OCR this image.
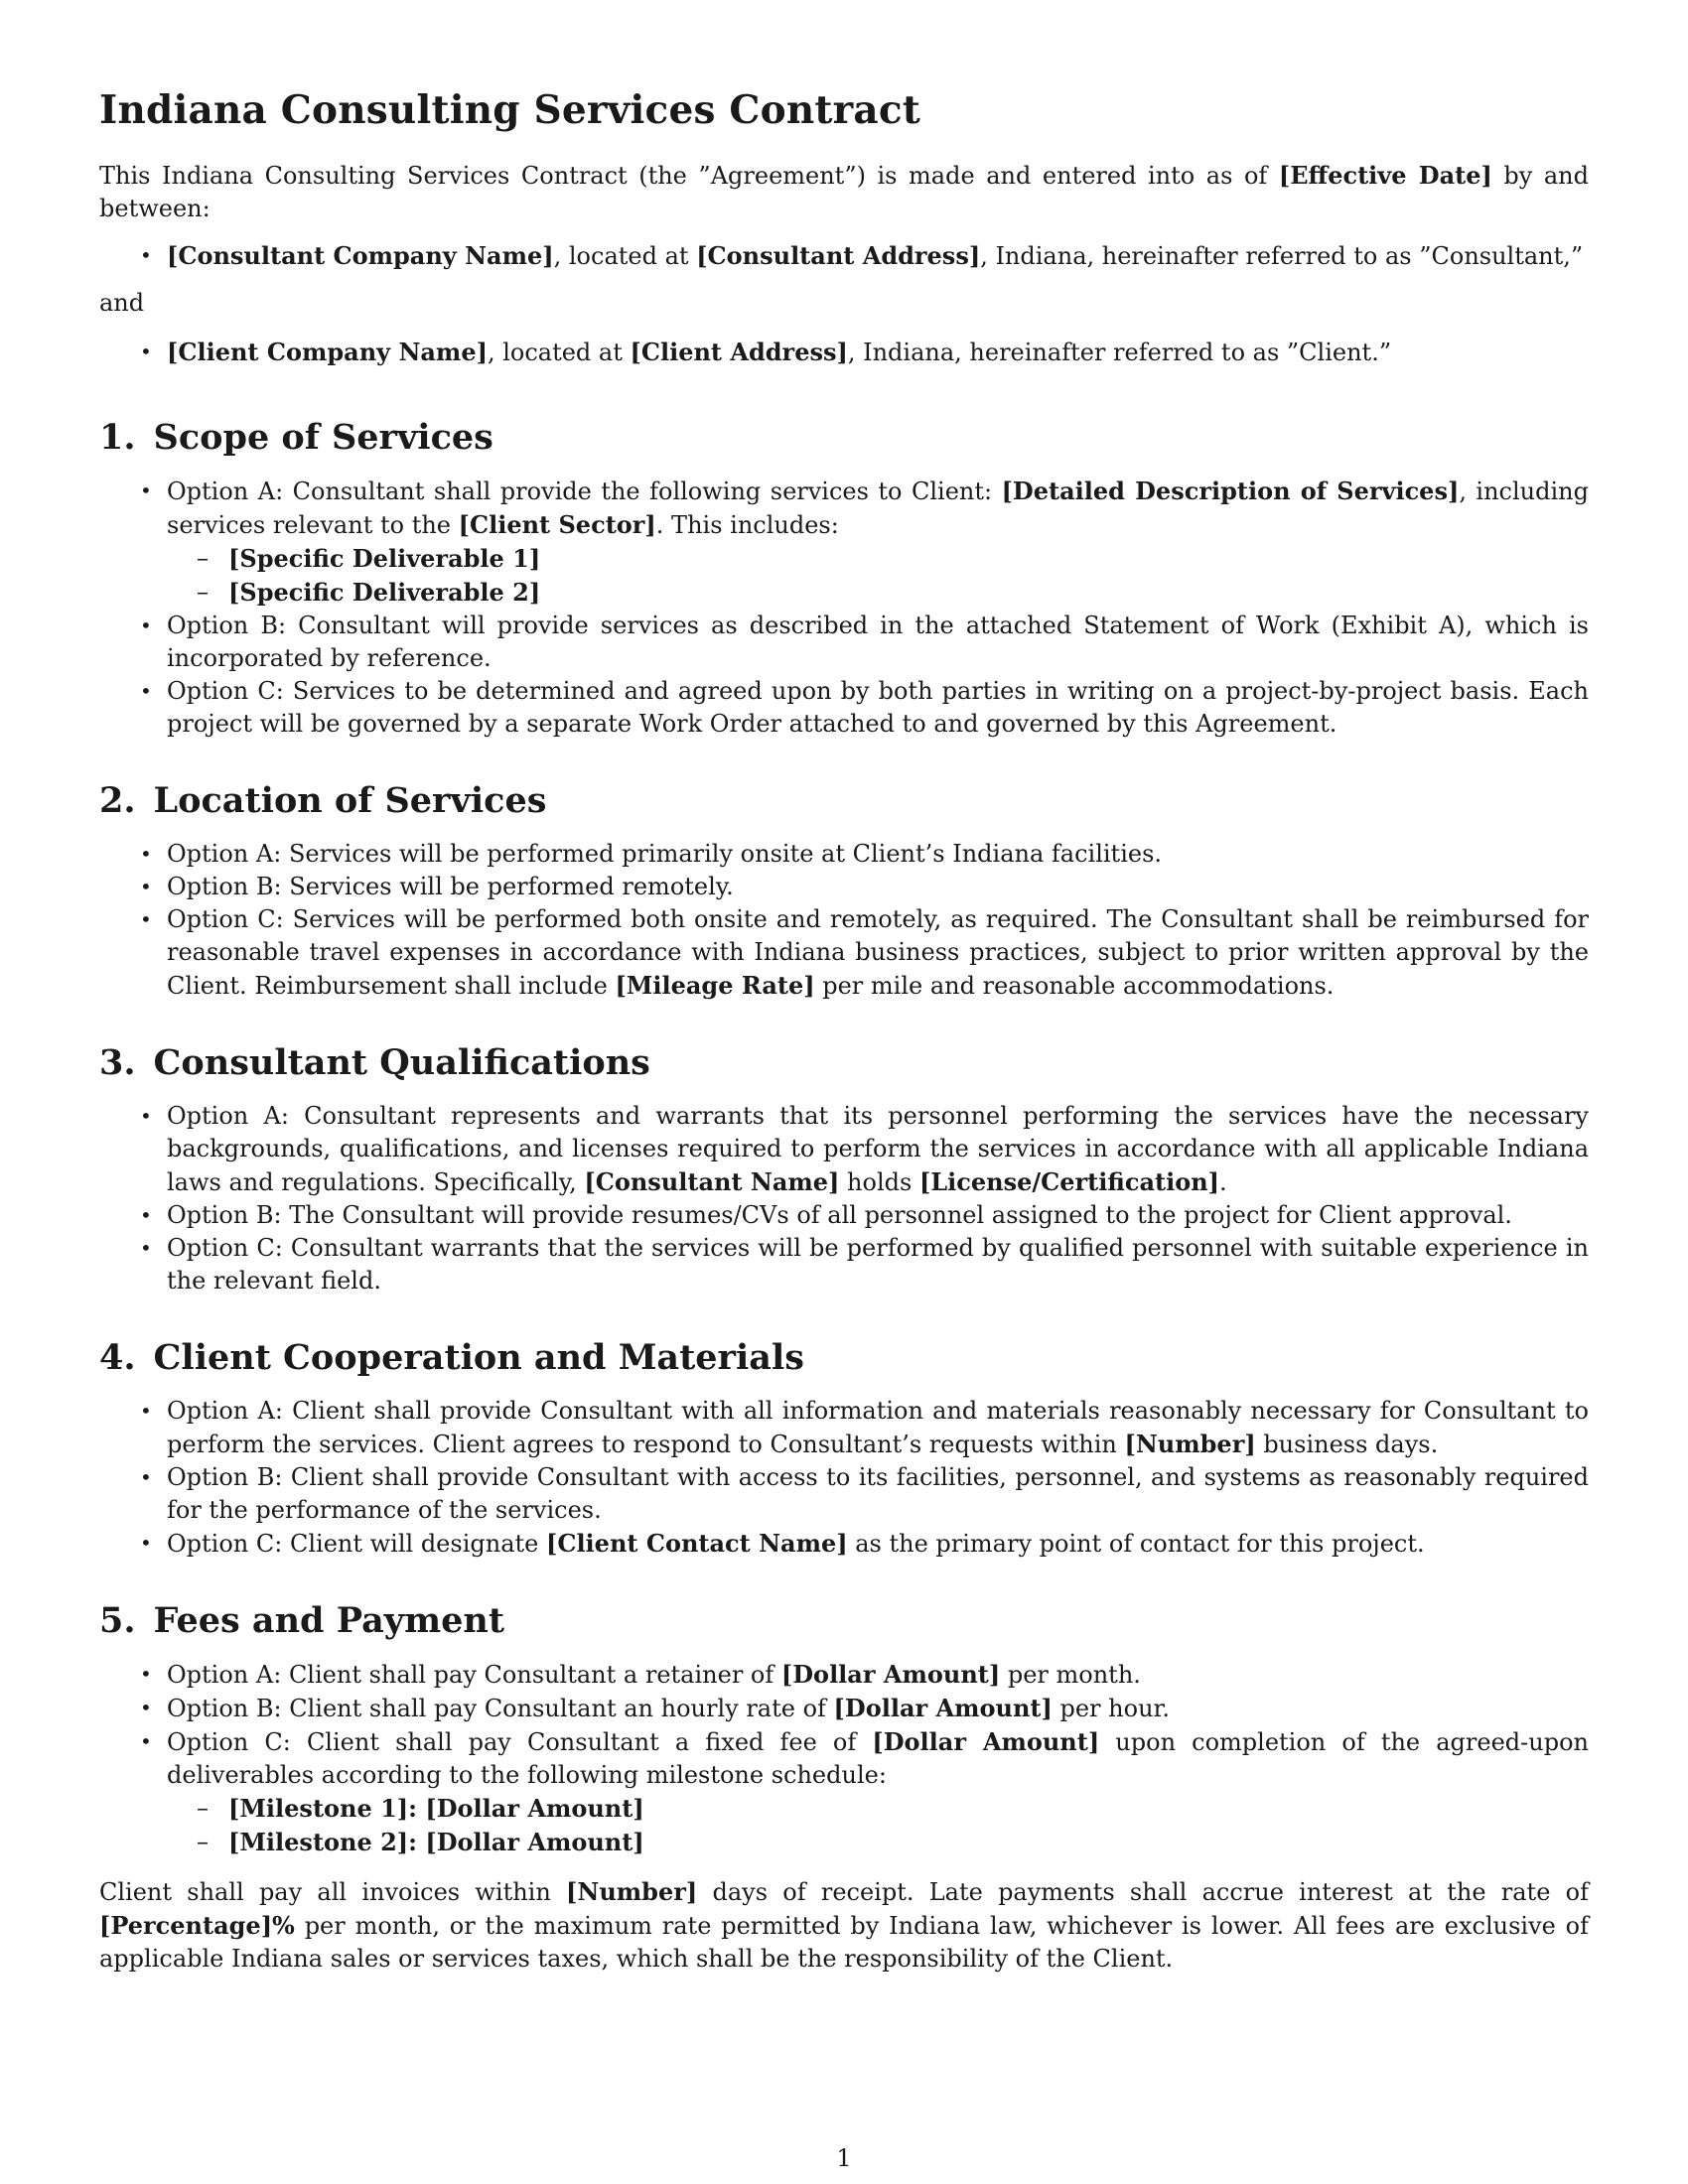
Indiana Consulting Services Contract

This Indiana Consulting Services Contract (the ”Agreement”) is made and entered into as of [Effective Date] by and between:

• [Consultant Company Name], located at [Consultant Address], Indiana, hereinafter referred to as ”Consultant,”
and
• [Client Company Name], located at [Client Address], Indiana, hereinafter referred to as ”Client.”
1. Scope of Services
• Option A: Consultant shall provide the following services to Client: [Detailed Description of Services], including services relevant to the [Client Sector]. This includes:
– [Specific Deliverable 1]
– [Specific Deliverable 2]
• Option B: Consultant will provide services as described in the attached Statement of Work (Exhibit A), which is incorporated by reference.
• Option C: Services to be determined and agreed upon by both parties in writing on a project-by-project basis. Each project will be governed by a separate Work Order attached to and governed by this Agreement.
2. Location of Services
• Option A: Services will be performed primarily onsite at Client’s Indiana facilities.
• Option B: Services will be performed remotely.
• Option C: Services will be performed both onsite and remotely, as required. The Consultant shall be reimbursed for reasonable travel expenses in accordance with Indiana business practices, subject to prior written approval by the Client. Reimbursement shall include [Mileage Rate] per mile and reasonable accommodations.
3. Consultant Qualifications
• Option A: Consultant represents and warrants that its personnel performing the services have the necessary backgrounds, qualifications, and licenses required to perform the services in accordance with all applicable Indiana laws and regulations. Specifically, [Consultant Name] holds [License/Certification].
• Option B: The Consultant will provide resumes/CVs of all personnel assigned to the project for Client approval.
• Option C: Consultant warrants that the services will be performed by qualified personnel with suitable experience in the relevant field.
4. Client Cooperation and Materials
• Option A: Client shall provide Consultant with all information and materials reasonably necessary for Consultant to perform the services. Client agrees to respond to Consultant’s requests within [Number] business days.
• Option B: Client shall provide Consultant with access to its facilities, personnel, and systems as reasonably required for the performance of the services.
• Option C: Client will designate [Client Contact Name] as the primary point of contact for this project.
5. Fees and Payment
• Option A: Client shall pay Consultant a retainer of [Dollar Amount] per month.
• Option B: Client shall pay Consultant an hourly rate of [Dollar Amount] per hour.
• Option C: Client shall pay Consultant a fixed fee of [Dollar Amount] upon completion of the agreed-upon deliverables according to the following milestone schedule:
– [Milestone 1]: [Dollar Amount]
– [Milestone 2]: [Dollar Amount]

Client shall pay all invoices within [Number] days of receipt. Late payments shall accrue interest at the rate of [Percentage]% per month, or the maximum rate permitted by Indiana law, whichever is lower. All fees are exclusive of applicable Indiana sales or services taxes, which shall be the responsibility of the Client.

1
